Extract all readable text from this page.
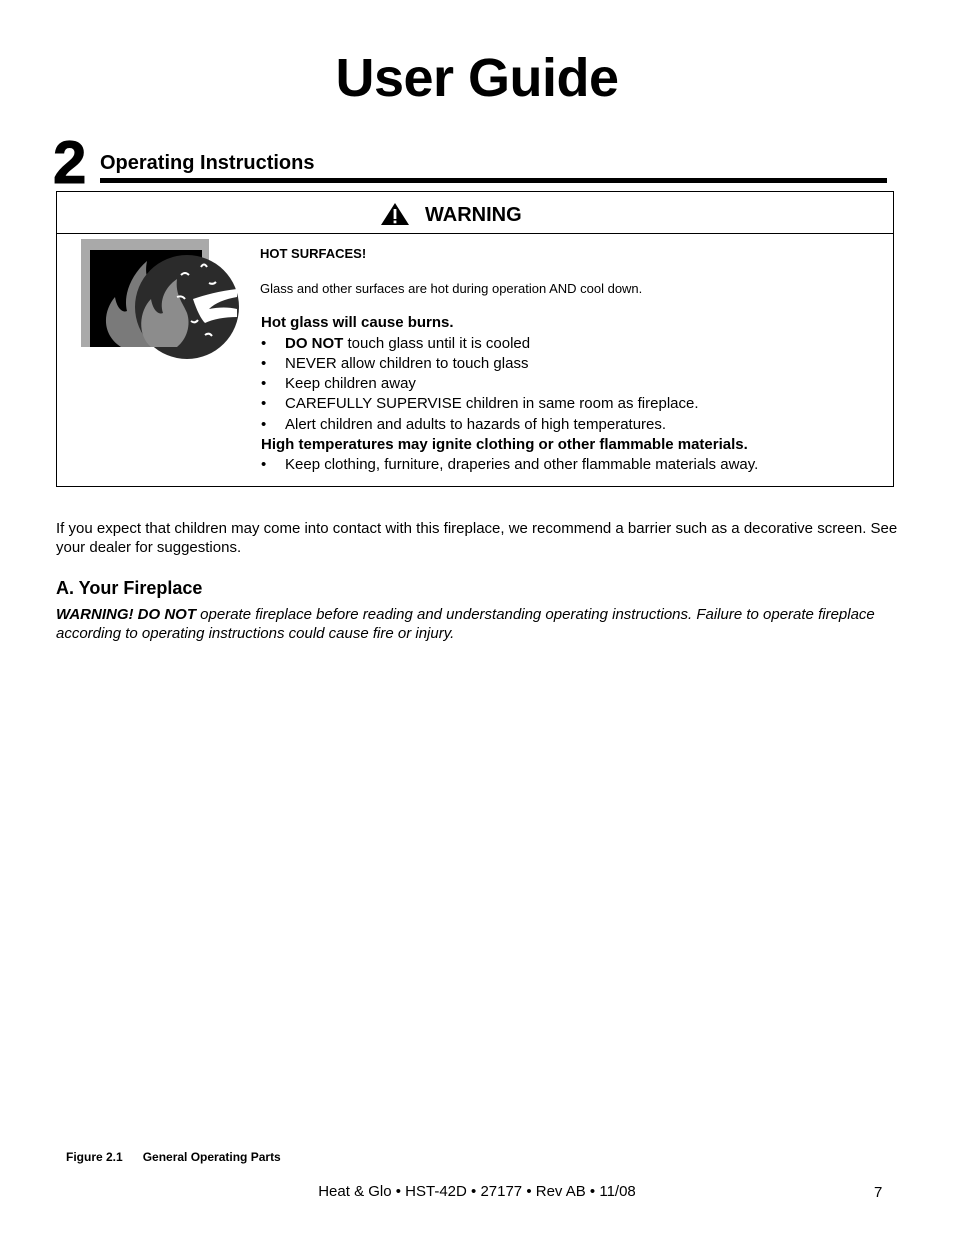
User Guide
2 Operating Instructions
WARNING
HOT SURFACES!
Glass and other surfaces are hot during operation AND cool down.
Hot glass will cause burns.
• DO NOT touch glass until it is cooled
• NEVER allow children to touch glass
• Keep children away
• CAREFULLY SUPERVISE children in same room as fireplace.
• Alert children and adults to hazards of high temperatures.
High temperatures may ignite clothing or other flammable materials.
• Keep clothing, furniture, draperies and other flammable materials away.
If you expect that children may come into contact with this fireplace, we recommend a barrier such as a decorative screen. See your dealer for suggestions.
A. Your Fireplace
WARNING! DO NOT operate fireplace before reading and understanding operating instructions. Failure to operate fireplace according to operating instructions could cause fire or injury.
Figure 2.1 General Operating Parts
Heat & Glo • HST-42D • 27177 • Rev AB • 11/08	7
